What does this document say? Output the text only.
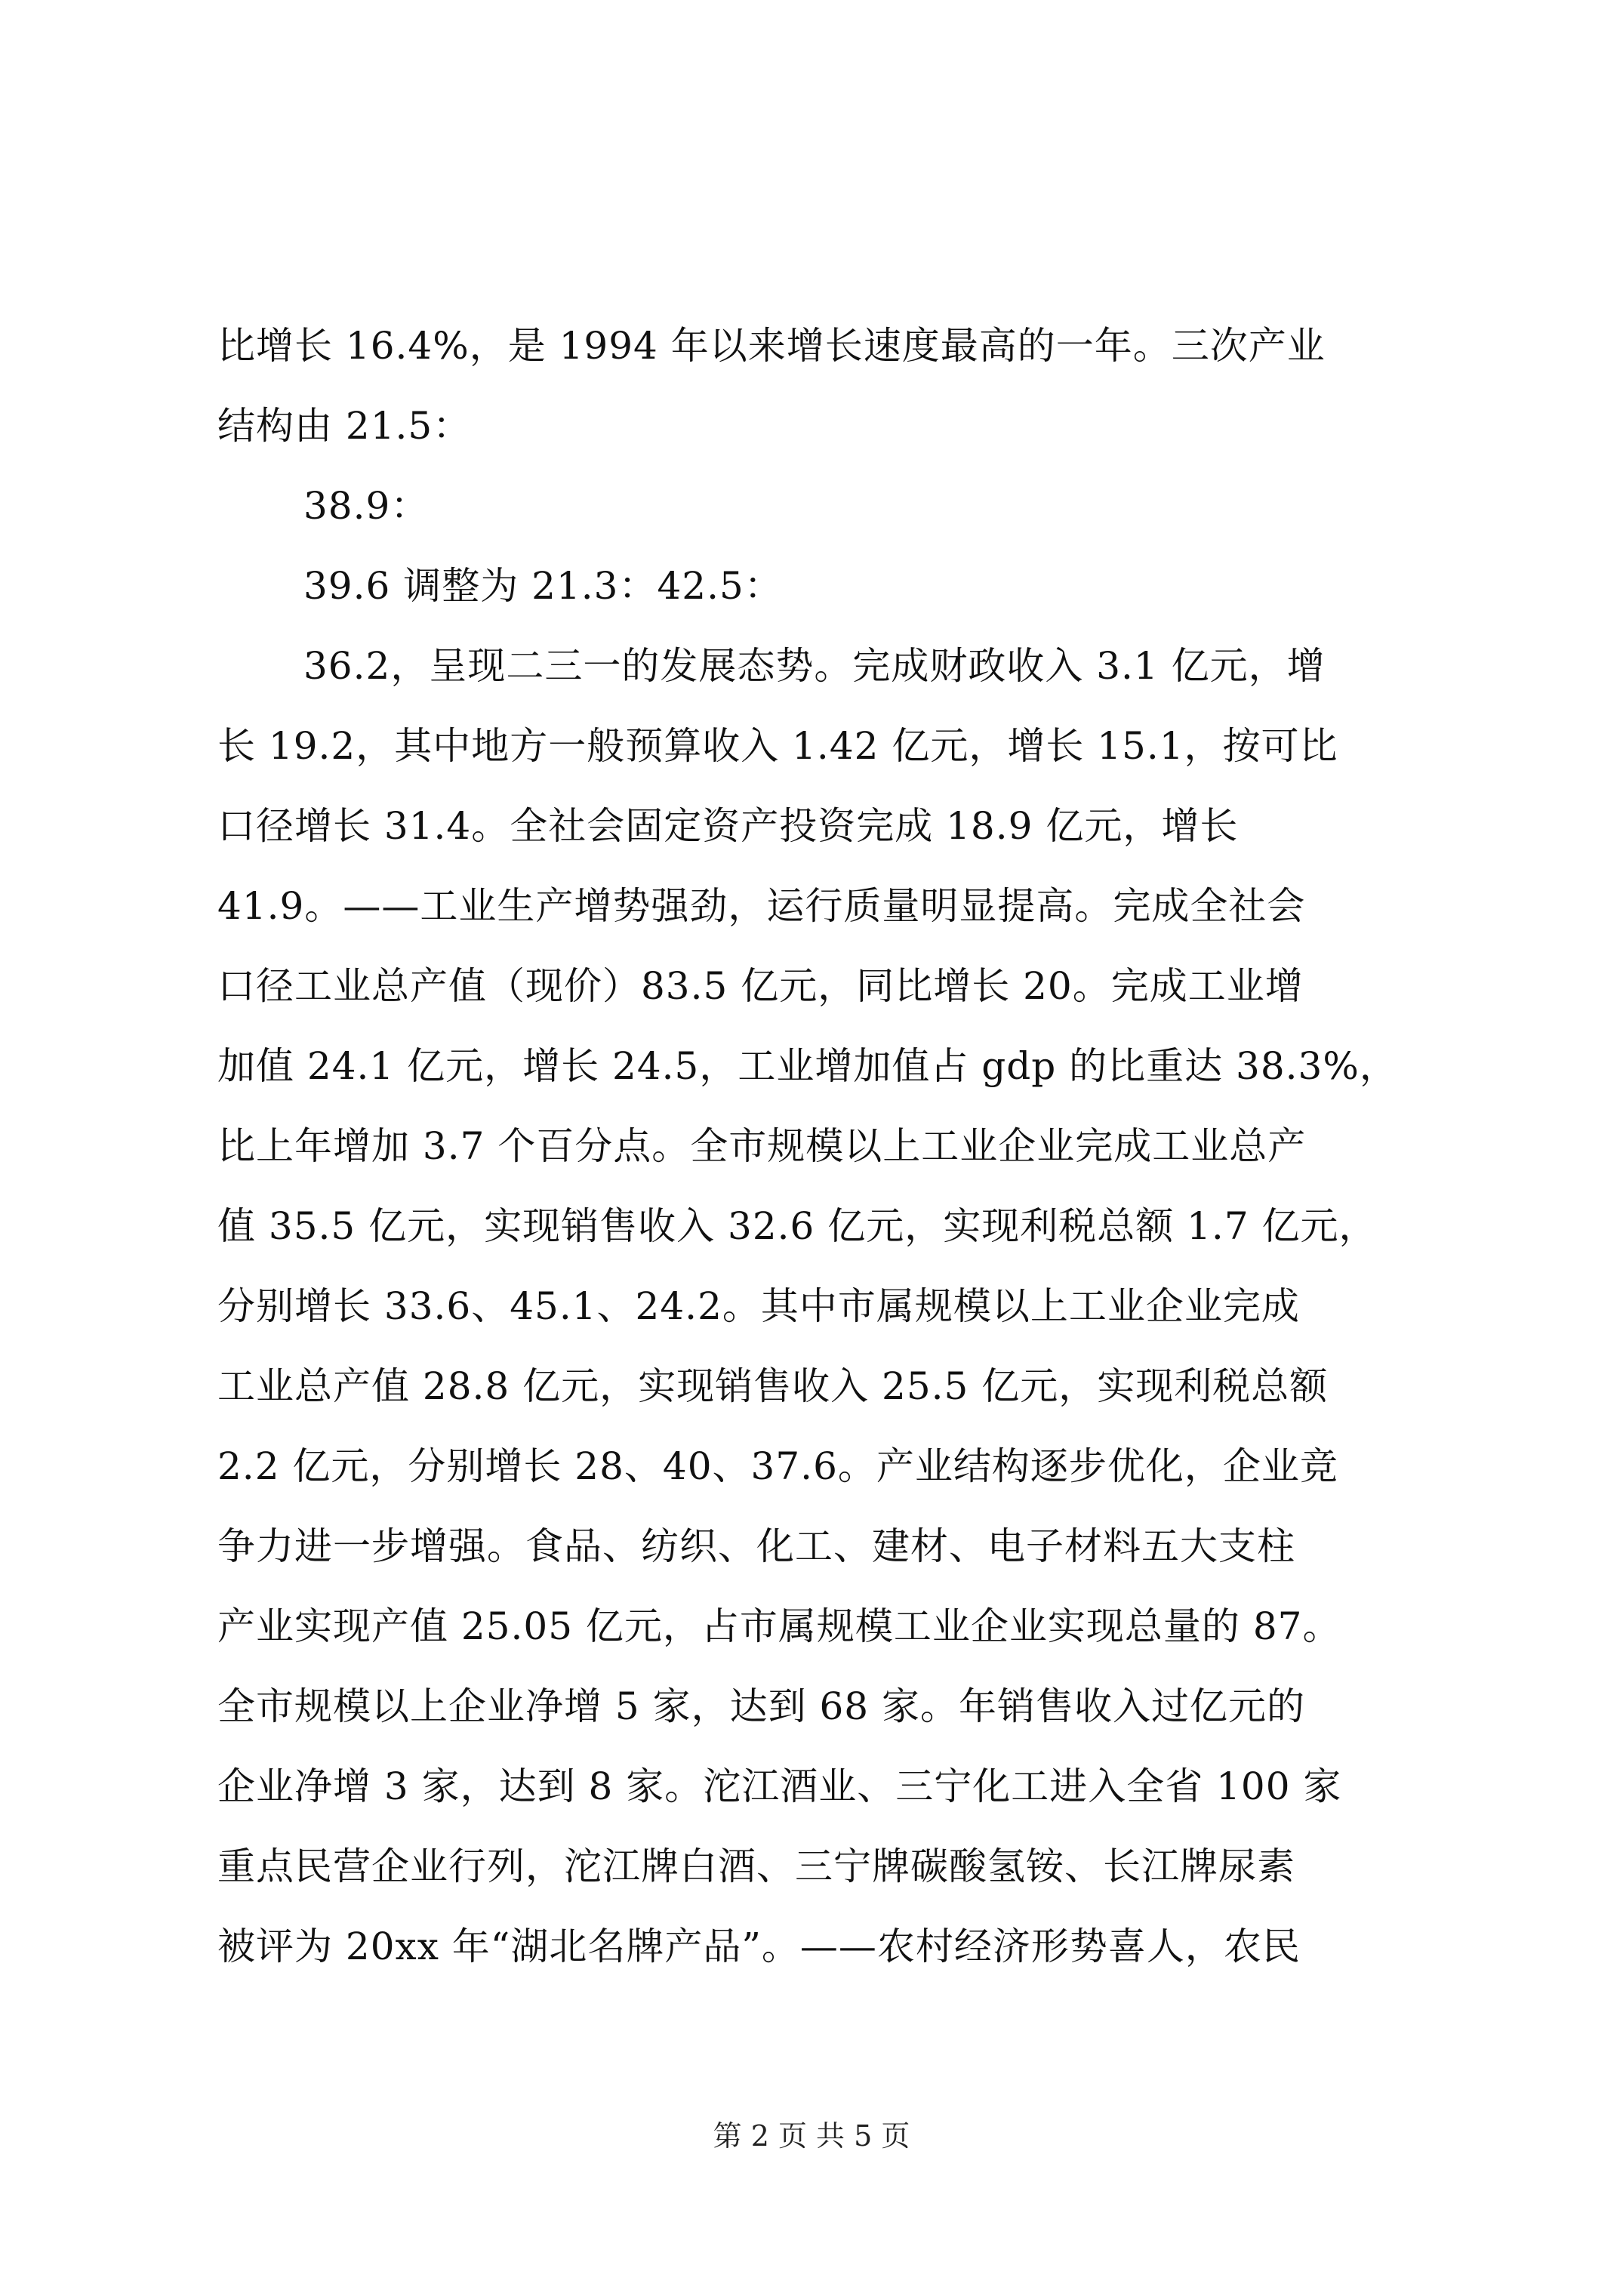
比增长 16.4%，是 1994 年以来增长速度最高的一年。三次产业
结构由 21.5：
38.9：
39.6 调整为 21.3：42.5：
36.2，呈现二三一的发展态势。完成财政收入 3.1 亿元，增
长 19.2，其中地方一般预算收入 1.42 亿元，增长 15.1，按可比
口径增长 31.4。全社会固定资产投资完成 18.9 亿元，增长
41.9。——工业生产增势强劲，运行质量明显提高。完成全社会
口径工业总产值（现价）83.5 亿元，同比增长 20。完成工业增
加值 24.1 亿元，增长 24.5，工业增加值占 gdp 的比重达 38.3%，
比上年增加 3.7 个百分点。全市规模以上工业企业完成工业总产
值 35.5 亿元，实现销售收入 32.6 亿元，实现利税总额 1.7 亿元，
分别增长 33.6、45.1、24.2。其中市属规模以上工业企业完成
工业总产值 28.8 亿元，实现销售收入 25.5 亿元，实现利税总额
2.2 亿元，分别增长 28、40、37.6。产业结构逐步优化，企业竞
争力进一步增强。食品、纺织、化工、建材、电子材料五大支柱
产业实现产值 25.05 亿元，占市属规模工业企业实现总量的 87。
全市规模以上企业净增 5 家，达到 68 家。年销售收入过亿元的
企业净增 3 家，达到 8 家。沱江酒业、三宁化工进入全省 100 家
重点民营企业行列，沱江牌白酒、三宁牌碳酸氢铵、长江牌尿素
被评为 20xx 年“湖北名牌产品”。——农村经济形势喜人，农民
第 2 页 共 5 页
